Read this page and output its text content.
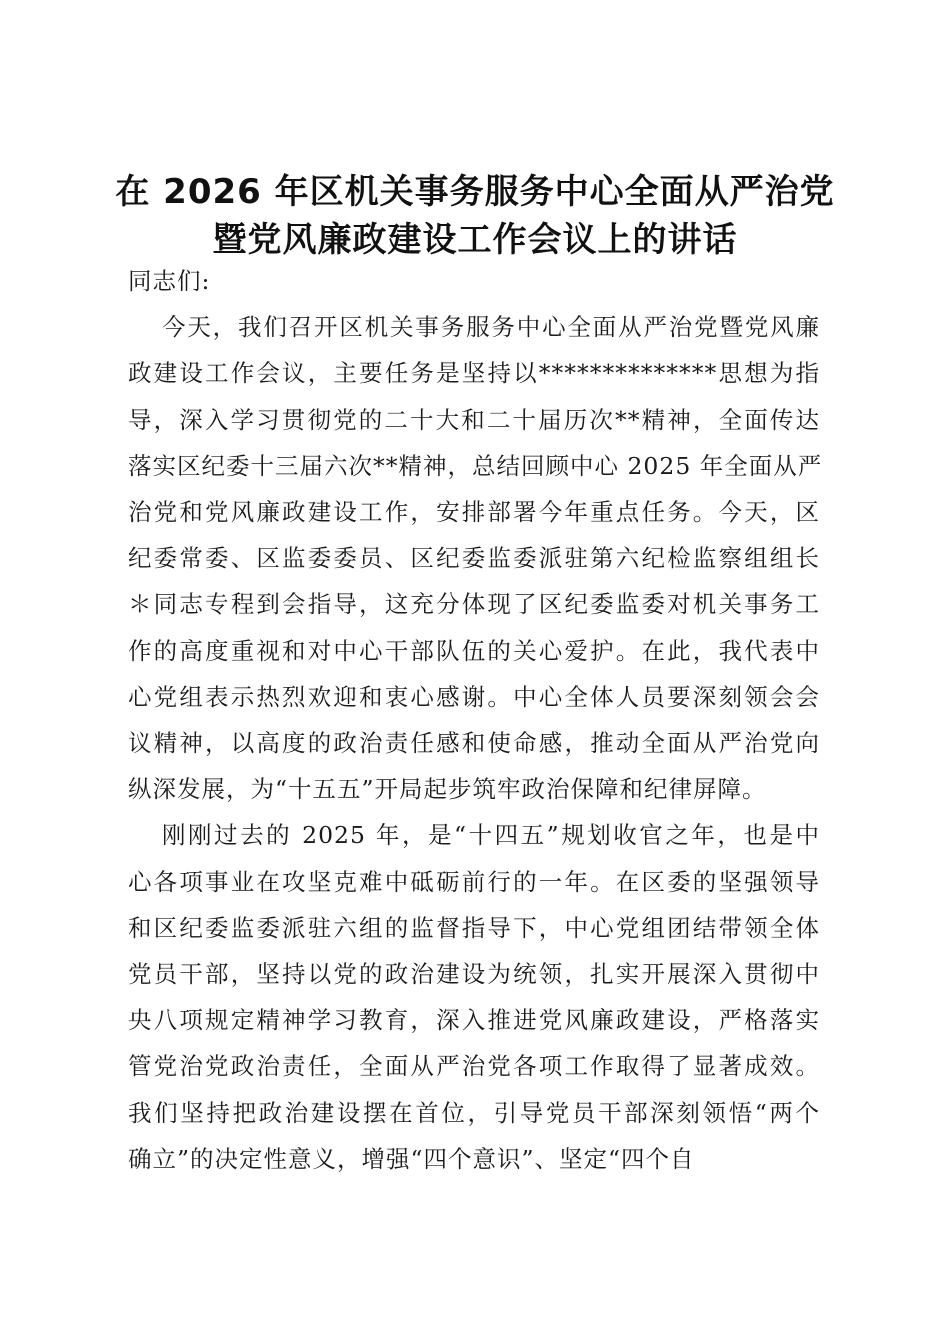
在 2026 年区机关事务服务中心全面从严治党
暨党风廉政建设工作会议上的讲话

同志们:

今天，我们召开区机关事务服务中心全面从严治党暨党风廉
政建设工作会议，主要任务是坚持以**************思想为指
导，深入学习贯彻党的二十大和二十届历次**精神，全面传达
落实区纪委十三届六次**精神，总结回顾中心 2025 年全面从严
治党和党风廉政建设工作，安排部署今年重点任务。今天，区
纪委常委、区监委委员、区纪委监委派驻第六纪检监察组组长
＊同志专程到会指导，这充分体现了区纪委监委对机关事务工
作的高度重视和对中心干部队伍的关心爱护。在此，我代表中
心党组表示热烈欢迎和衷心感谢。中心全体人员要深刻领会会
议精神，以高度的政治责任感和使命感，推动全面从严治党向
纵深发展，为“十五五”开局起步筑牢政治保障和纪律屏障。

刚刚过去的 2025 年，是“十四五”规划收官之年，也是中
心各项事业在攻坚克难中砥砺前行的一年。在区委的坚强领导
和区纪委监委派驻六组的监督指导下，中心党组团结带领全体
党员干部，坚持以党的政治建设为统领，扎实开展深入贯彻中
央八项规定精神学习教育，深入推进党风廉政建设，严格落实
管党治党政治责任，全面从严治党各项工作取得了显著成效。
我们坚持把政治建设摆在首位，引导党员干部深刻领悟“两个
确立”的决定性意义，增强“四个意识”、坚定“四个自
